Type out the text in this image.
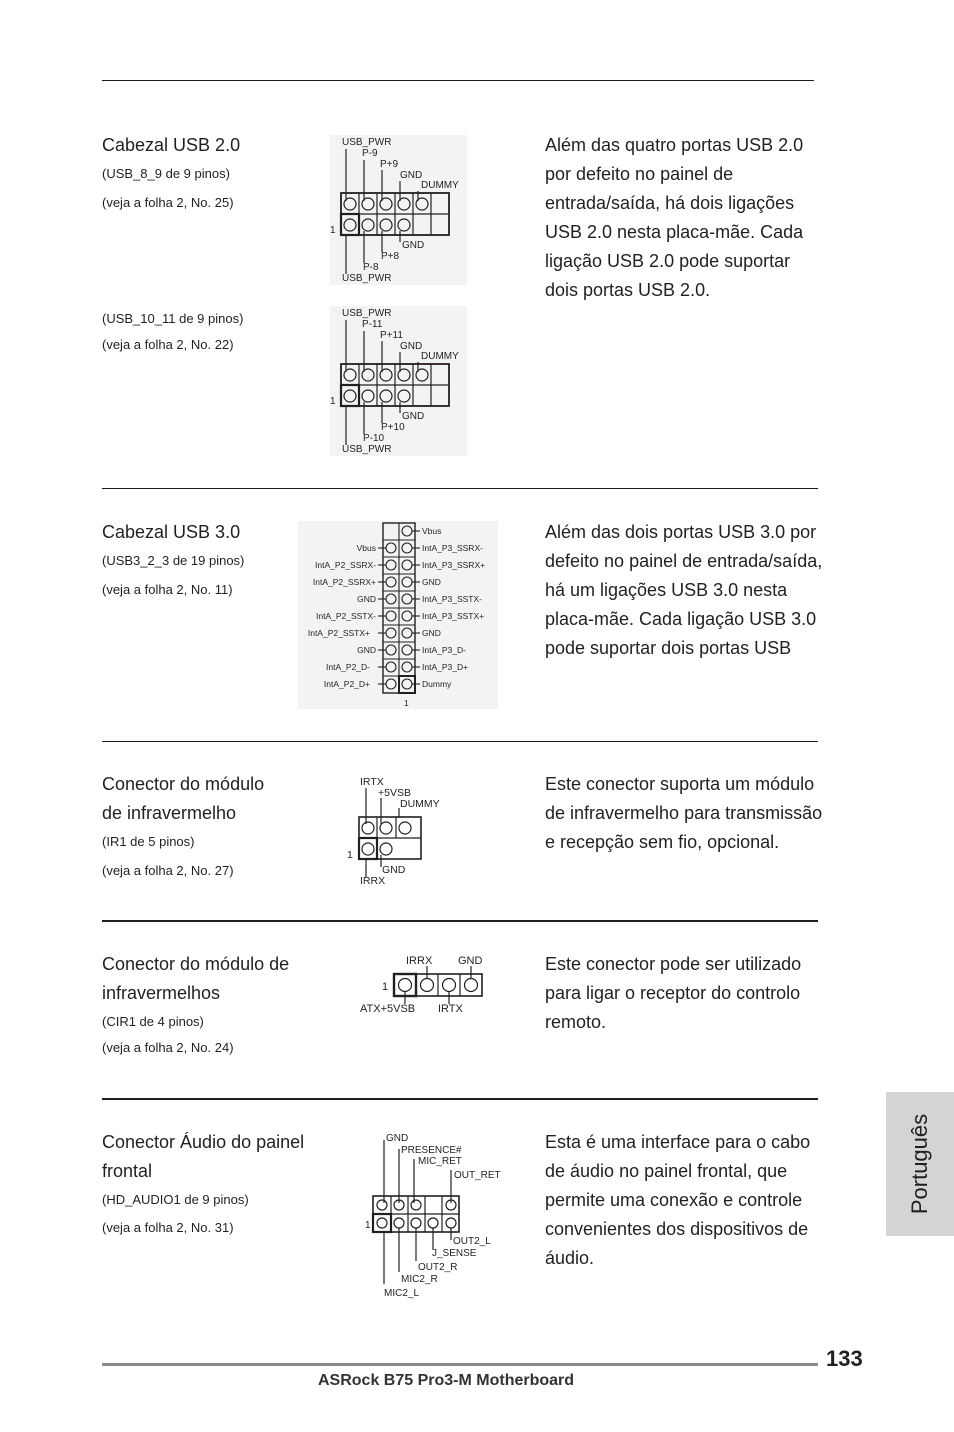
Cabezal USB 2.0
(USB_8_9 de 9 pinos)
(veja a folha 2, No. 25)
(USB_10_11 de 9 pinos)
(veja a folha 2, No. 22)
Além das quatro portas USB 2.0 por defeito no painel de entrada/saída, há dois ligações USB 2.0 nesta placa-mãe. Cada ligação USB 2.0 pode suportar dois portas USB 2.0.
USB_PWR
P-9
P+9
GND
DUMMY
1
GND
P+8
P-8
USB_PWR
USB_PWR
P-11
P+11
GND
DUMMY
1
GND
P+10
P-10
USB_PWR
Cabezal USB 3.0
(USB3_2_3 de 19 pinos)
(veja a folha 2, No. 11)
Além das dois portas USB 3.0 por defeito no painel de entrada/saída, há um ligações USB 3.0 nesta placa-mãe. Cada ligação USB 3.0 pode suportar dois portas USB
Vbus
IntA_P3_SSRX-
IntA_P3_SSRX+
GND
IntA_P3_SSTX-
IntA_P3_SSTX+
GND
IntA_P3_D-
IntA_P3_D+
Dummy
Vbus
IntA_P2_SSRX-
IntA_P2_SSRX+
GND
IntA_P2_SSTX-
IntA_P2_SSTX+
GND
IntA_P2_D-
IntA_P2_D+
1
Conector do módulo
de infravermelho
(IR1 de 5 pinos)
(veja a folha 2, No. 27)
Este conector suporta um módulo de infravermelho para transmissão e recepção sem fio, opcional.
IRTX
+5VSB
DUMMY
1
GND
IRRX
Conector do módulo de
infravermelhos
(CIR1 de 4 pinos)
(veja a folha 2, No. 24)
Este conector pode ser utilizado para ligar o receptor do controlo remoto.
IRRX GND
1
ATX+5VSB IRTX
Conector Áudio do painel
frontal
(HD_AUDIO1 de 9 pinos)
(veja a folha 2, No. 31)
Esta é uma interface para o cabo de áudio no painel frontal, que permite uma conexão e controle convenientes dos dispositivos de áudio.
GND
PRESENCE#
MIC_RET
OUT_RET
1
OUT2_L
J_SENSE
OUT2_R
MIC2_R
MIC2_L
Português
133
ASRock B75 Pro3-M Motherboard
